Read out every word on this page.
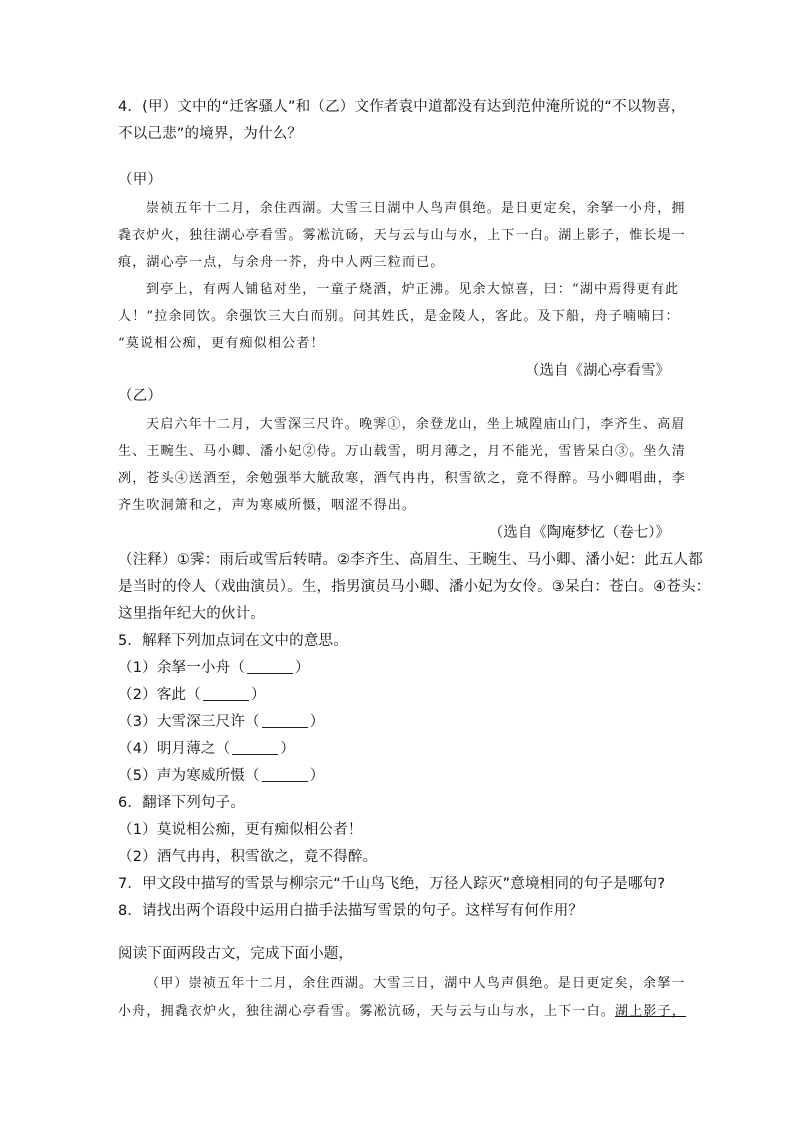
4．(甲）文中的“迁客骚人”和（乙）文作者袁中道都没有达到范仲淹所说的“不以物喜，
不以己悲”的境界，为什么？
（甲）
崇祯五年十二月，余住西湖。大雪三日湖中人鸟声俱绝。是日更定矣，余拏一小舟，拥
毳衣炉火，独往湖心亭看雪。雾凇沆砀，天与云与山与水，上下一白。湖上影子，惟长堤一
痕，湖心亭一点，与余舟一芥，舟中人两三粒而已。
到亭上，有两人铺毡对坐，一童子烧酒，炉正沸。见余大惊喜，曰：“湖中焉得更有此
人！”拉余同饮。余强饮三大白而别。问其姓氏，是金陵人，客此。及下船，舟子喃喃曰：
“莫说相公痴，更有痴似相公者！
（选自《湖心亭看雪》
（乙）
天启六年十二月，大雪深三尺许。晚霁①，余登龙山，坐上城隍庙山门，李齐生、高眉
生、王畹生、马小卿、潘小妃②侍。万山载雪，明月薄之，月不能光，雪皆呆白③。坐久清
冽，苍头④送酒至，余勉强举大觥敌寒，酒气冉冉，积雪欲之，竟不得醉。马小卿唱曲，李
齐生吹洞箫和之，声为寒威所慑，咽涩不得出。
（选自《陶庵梦忆（卷七）》
（注释）①霁：雨后或雪后转晴。②李齐生、高眉生、王畹生、马小卿、潘小妃：此五人都
是当时的伶人（戏曲演员）。生，指男演员马小卿、潘小妃为女伶。③呆白：苍白。④苍头：
这里指年纪大的伙计。
5．解释下列加点词在文中的意思。
（1）余拏一小舟（	）
（2）客此（	）
（3）大雪深三尺许（	）
（4）明月薄之（	）
（5）声为寒威所慑（	）
6．翻译下列句子。
（1）莫说相公痴，更有痴似相公者！
（2）酒气冉冉，积雪欲之，竟不得醉。
7．甲文段中描写的雪景与柳宗元“千山鸟飞绝，万径人踪灭”意境相同的句子是哪句?
8．请找出两个语段中运用白描手法描写雪景的句子。这样写有何作用？
阅读下面两段古文，完成下面小题，
（甲）崇祯五年十二月，余住西湖。大雪三日，湖中人鸟声俱绝。是日更定矣，余拏一
小舟，拥毳衣炉火，独往湖心亭看雪。雾凇沆砀，天与云与山与水，上下一白。湖上影子，
